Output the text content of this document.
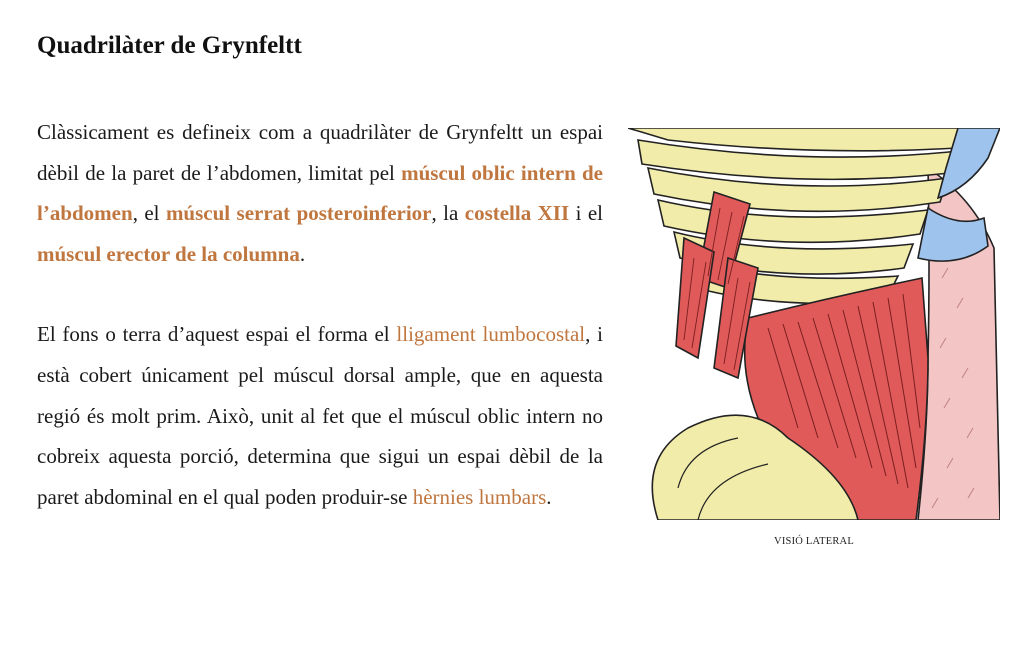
Quadrilàter de Grynfeltt

Clàssicament es defineix com a quadrilàter de Grynfeltt un espai dèbil de la paret de l’abdomen, limitat pel múscul oblic intern de l’abdomen, el múscul serrat posteroinferior, la costella XII i el múscul erector de la columna.

El fons o terra d’aquest espai el forma el lligament lumbocostal, i està cobert únicament pel múscul dorsal ample, que en aquesta regió és molt prim. Això, unit al fet que el múscul oblic intern no cobreix aquesta porció, determina que sigui un espai dèbil de la paret abdominal en el qual poden produir-se hèrnies lumbars.

VISIÓ LATERAL
